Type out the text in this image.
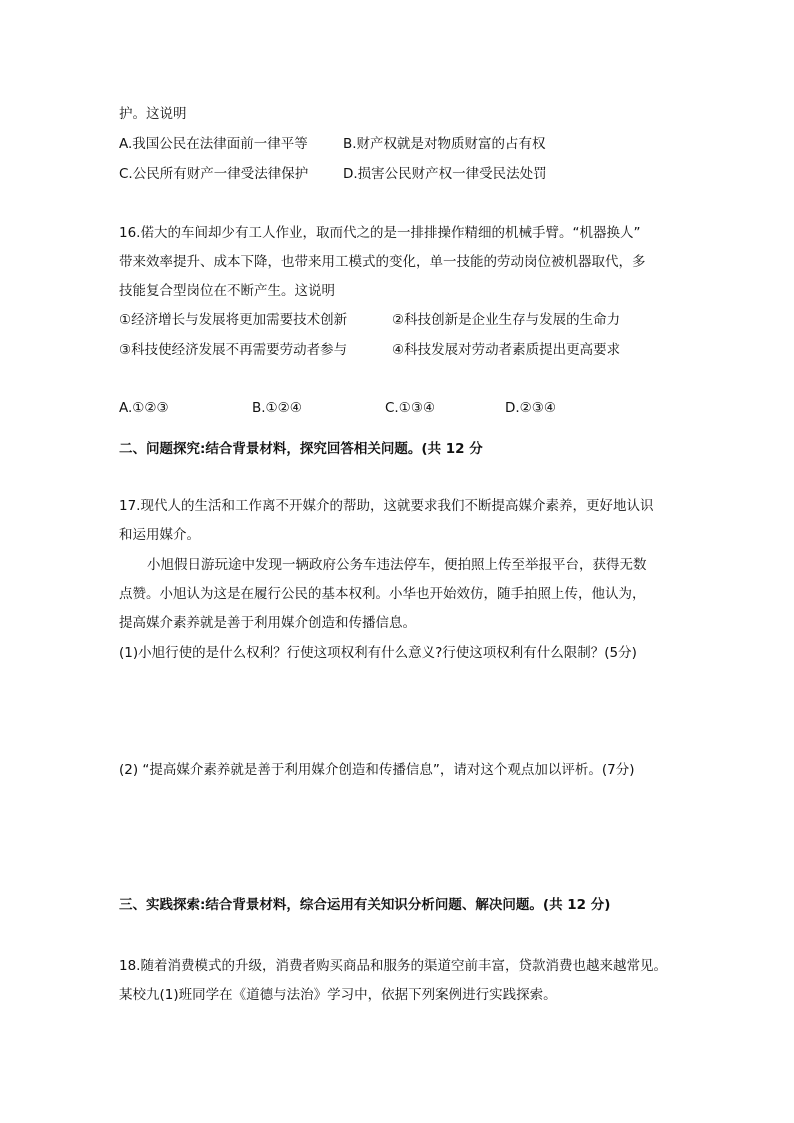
护。这说明
A.我国公民在法律面前一律平等	B.财产权就是对物质财富的占有权
C.公民所有财产一律受法律保护	D.损害公民财产权一律受民法处罚
16.偌大的车间却少有工人作业，取而代之的是一排排操作精细的机械手臂。“机器换人”
带来效率提升、成本下降，也带来用工模式的变化，单一技能的劳动岗位被机器取代，多
技能复合型岗位在不断产生。这说明
①经济增长与发展将更加需要技术创新	②科技创新是企业生存与发展的生命力
③科技使经济发展不再需要劳动者参与	④科技发展对劳动者素质提出更高要求
A.①②③	B.①②④	C.①③④	D.②③④
二、问题探究:结合背景材料，探究回答相关问题。(共 12 分
17.现代人的生活和工作离不开媒介的帮助，这就要求我们不断提高媒介素养，更好地认识
和运用媒介。
小旭假日游玩途中发现一辆政府公务车违法停车，便拍照上传至举报平台，获得无数
点赞。小旭认为这是在履行公民的基本权利。小华也开始效仿，随手拍照上传，他认为，
提高媒介素养就是善于利用媒介创造和传播信息。
(1)小旭行使的是什么权利？行使这项权利有什么意义?行使这项权利有什么限制？(5分)
(2) “提高媒介素养就是善于利用媒介创造和传播信息”，请对这个观点加以评析。(7分)
三、实践探索:结合背景材料，综合运用有关知识分析问题、解决问题。(共 12 分)
18.随着消费模式的升级，消费者购买商品和服务的渠道空前丰富，贷款消费也越来越常见。
某校九(1)班同学在《道德与法治》学习中，依据下列案例进行实践探索。
